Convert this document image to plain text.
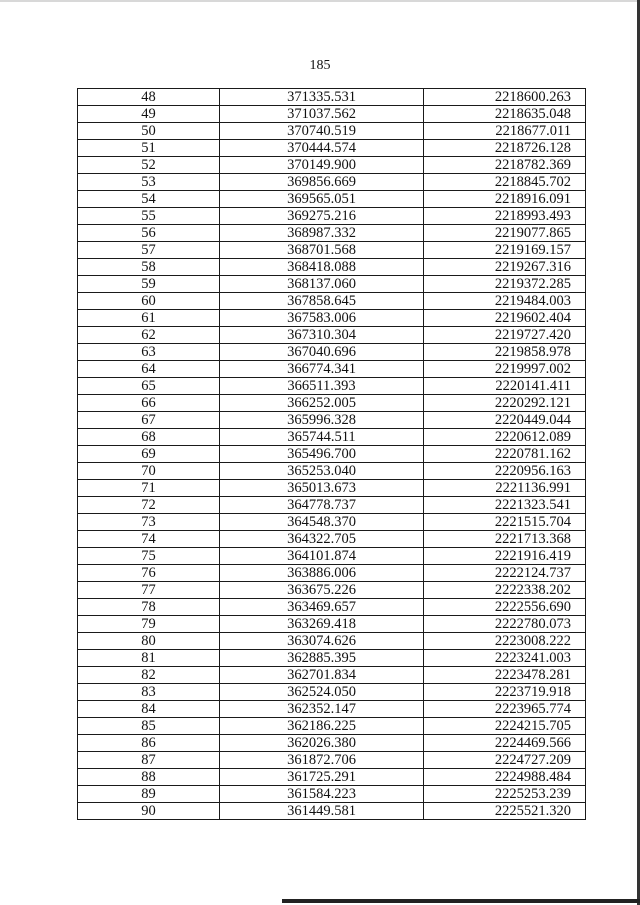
185
48	371335.531	2218600.263
49	371037.562	2218635.048
50	370740.519	2218677.011
51	370444.574	2218726.128
52	370149.900	2218782.369
53	369856.669	2218845.702
54	369565.051	2218916.091
55	369275.216	2218993.493
56	368987.332	2219077.865
57	368701.568	2219169.157
58	368418.088	2219267.316
59	368137.060	2219372.285
60	367858.645	2219484.003
61	367583.006	2219602.404
62	367310.304	2219727.420
63	367040.696	2219858.978
64	366774.341	2219997.002
65	366511.393	2220141.411
66	366252.005	2220292.121
67	365996.328	2220449.044
68	365744.511	2220612.089
69	365496.700	2220781.162
70	365253.040	2220956.163
71	365013.673	2221136.991
72	364778.737	2221323.541
73	364548.370	2221515.704
74	364322.705	2221713.368
75	364101.874	2221916.419
76	363886.006	2222124.737
77	363675.226	2222338.202
78	363469.657	2222556.690
79	363269.418	2222780.073
80	363074.626	2223008.222
81	362885.395	2223241.003
82	362701.834	2223478.281
83	362524.050	2223719.918
84	362352.147	2223965.774
85	362186.225	2224215.705
86	362026.380	2224469.566
87	361872.706	2224727.209
88	361725.291	2224988.484
89	361584.223	2225253.239
90	361449.581	2225521.320
